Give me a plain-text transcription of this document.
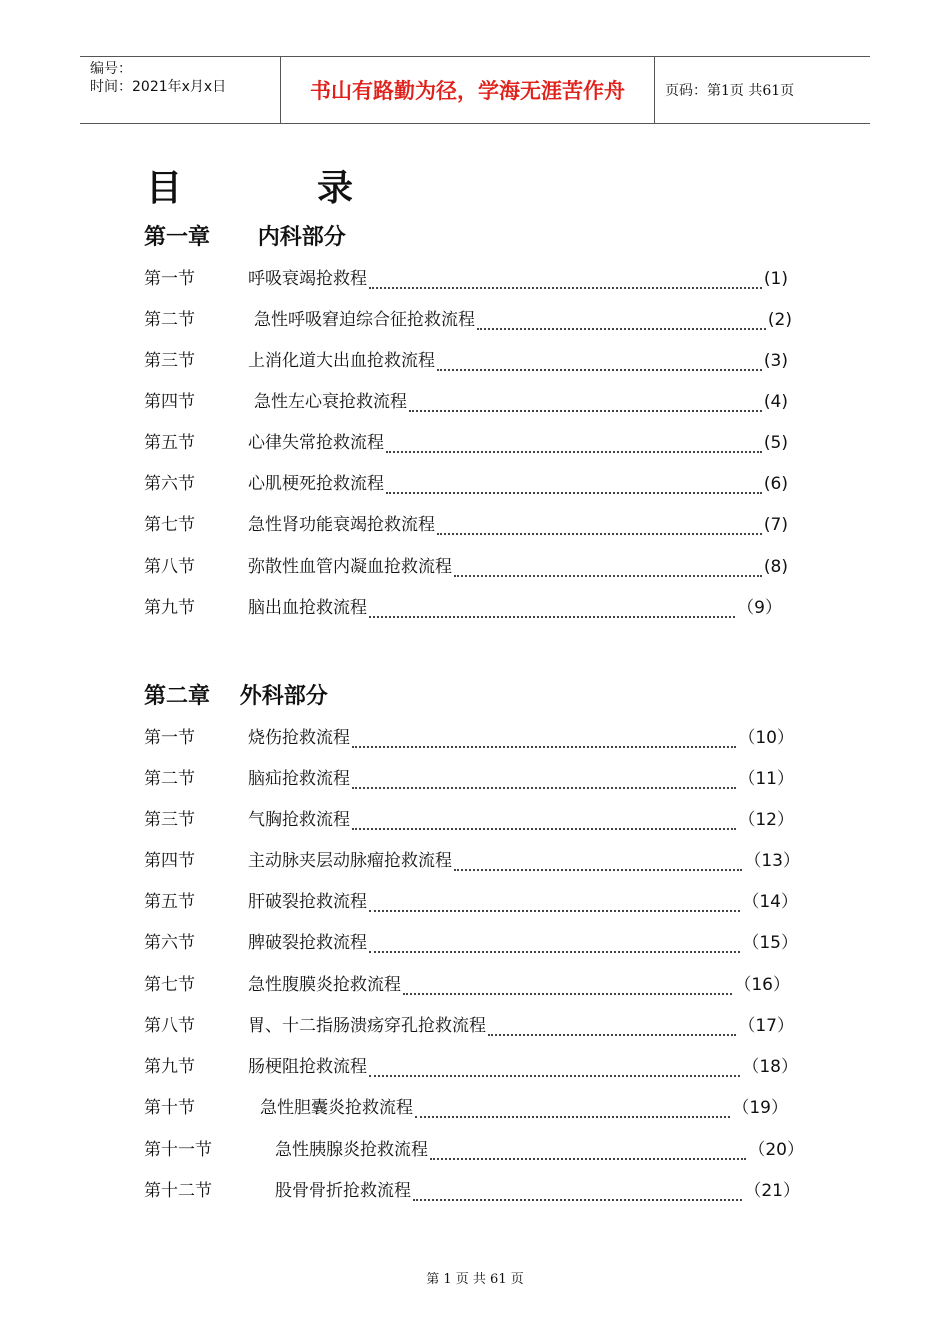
编号：
时间：2021年x月x日	书山有路勤为径，学海无涯苦作舟	页码：第1页 共61页
目	录
第一章 内科部分
第一节	呼吸衰竭抢救程	(1)
第二节	急性呼吸窘迫综合征抢救流程	(2)
第三节	上消化道大出血抢救流程	(3)
第四节	急性左心衰抢救流程	(4)
第五节	心律失常抢救流程	(5)
第六节	心肌梗死抢救流程	(6)
第七节	急性肾功能衰竭抢救流程	(7)
第八节	弥散性血管内凝血抢救流程	(8)
第九节	脑出血抢救流程	（9）
第二章 外科部分
第一节	烧伤抢救流程	（10）
第二节	脑疝抢救流程	（11）
第三节	气胸抢救流程	（12）
第四节	主动脉夹层动脉瘤抢救流程	（13）
第五节	肝破裂抢救流程	（14）
第六节	脾破裂抢救流程	（15）
第七节	急性腹膜炎抢救流程	（16）
第八节	胃、十二指肠溃疡穿孔抢救流程	（17）
第九节	肠梗阻抢救流程	（18）
第十节	急性胆囊炎抢救流程	（19）
第十一节	急性胰腺炎抢救流程	（20）
第十二节	股骨骨折抢救流程	（21）
第 1 页 共 61 页
